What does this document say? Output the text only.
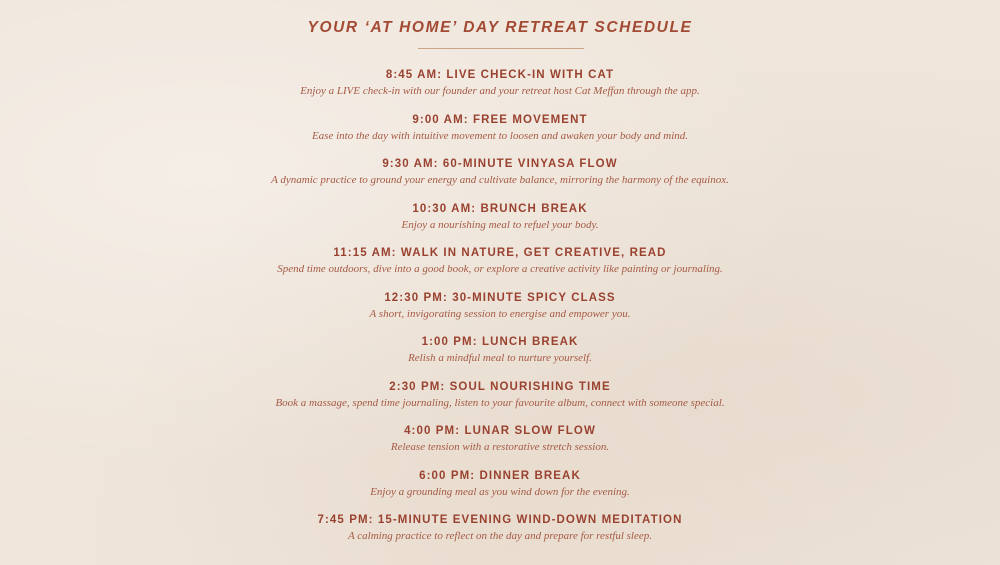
YOUR ‘AT HOME’ DAY RETREAT SCHEDULE
8:45 AM: LIVE CHECK-IN WITH CAT
Enjoy a LIVE check-in with our founder and your retreat host Cat Meffan through the app.
9:00 AM: FREE MOVEMENT
Ease into the day with intuitive movement to loosen and awaken your body and mind.
9:30 AM: 60-MINUTE VINYASA FLOW
A dynamic practice to ground your energy and cultivate balance, mirroring the harmony of the equinox.
10:30 AM: BRUNCH BREAK
Enjoy a nourishing meal to refuel your body.
11:15 AM: WALK IN NATURE, GET CREATIVE, READ
Spend time outdoors, dive into a good book, or explore a creative activity like painting or journaling.
12:30 PM: 30-MINUTE SPICY CLASS
A short, invigorating session to energise and empower you.
1:00 PM: LUNCH BREAK
Relish a mindful meal to nurture yourself.
2:30 PM: SOUL NOURISHING TIME
Book a massage, spend time journaling, listen to your favourite album, connect with someone special.
4:00 PM: LUNAR SLOW FLOW
Release tension with a restorative stretch session.
6:00 PM: DINNER BREAK
Enjoy a grounding meal as you wind down for the evening.
7:45 PM: 15-MINUTE EVENING WIND-DOWN MEDITATION
A calming practice to reflect on the day and prepare for restful sleep.
